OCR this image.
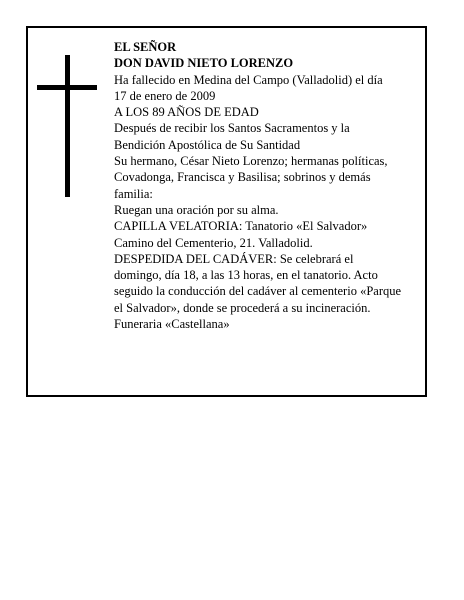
EL SEÑOR
DON DAVID NIETO LORENZO
Ha fallecido en Medina del Campo (Valladolid) el día
17 de enero de 2009
A LOS 89 AÑOS DE EDAD
Después de recibir los Santos Sacramentos y la
Bendición Apostólica de Su Santidad
Su hermano, César Nieto Lorenzo; hermanas políticas,
Covadonga, Francisca y Basilisa; sobrinos y demás
familia:
Ruegan una oración por su alma.
CAPILLA VELATORIA: Tanatorio «El Salvador»
Camino del Cementerio, 21. Valladolid.
DESPEDIDA DEL CADÁVER: Se celebrará el
domingo, día 18, a las 13 horas, en el tanatorio. Acto
seguido la conducción del cadáver al cementerio «Parque
el Salvador», donde se procederá a su incineración.
Funeraria «Castellana»
